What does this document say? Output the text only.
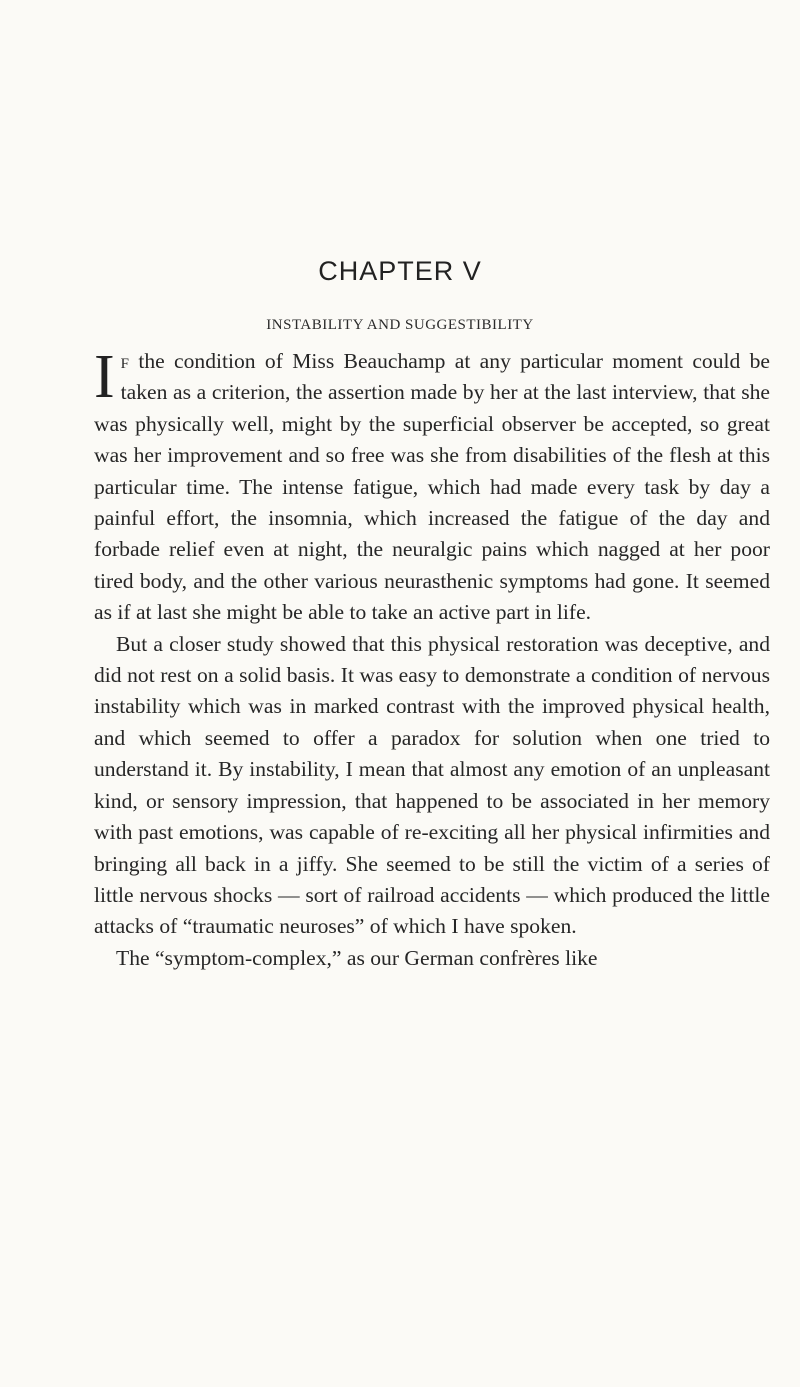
CHAPTER V
INSTABILITY AND SUGGESTIBILITY

If the condition of Miss Beauchamp at any particular moment could be taken as a criterion, the assertion made by her at the last interview, that she was physically well, might by the superficial observer be accepted, so great was her improvement and so free was she from disabilities of the flesh at this particular time. The intense fatigue, which had made every task by day a painful effort, the insomnia, which increased the fatigue of the day and forbade relief even at night, the neuralgic pains which nagged at her poor tired body, and the other various neurasthenic symptoms had gone. It seemed as if at last she might be able to take an active part in life.

But a closer study showed that this physical restoration was deceptive, and did not rest on a solid basis. It was easy to demonstrate a condition of nervous instability which was in marked contrast with the improved physical health, and which seemed to offer a paradox for solution when one tried to understand it. By instability, I mean that almost any emotion of an unpleasant kind, or sensory impression, that happened to be associated in her memory with past emotions, was capable of re-exciting all her physical infirmities and bringing all back in a jiffy. She seemed to be still the victim of a series of little nervous shocks — sort of railroad accidents — which produced the little attacks of “traumatic neuroses” of which I have spoken.

The “symptom-complex,” as our German confrères like
